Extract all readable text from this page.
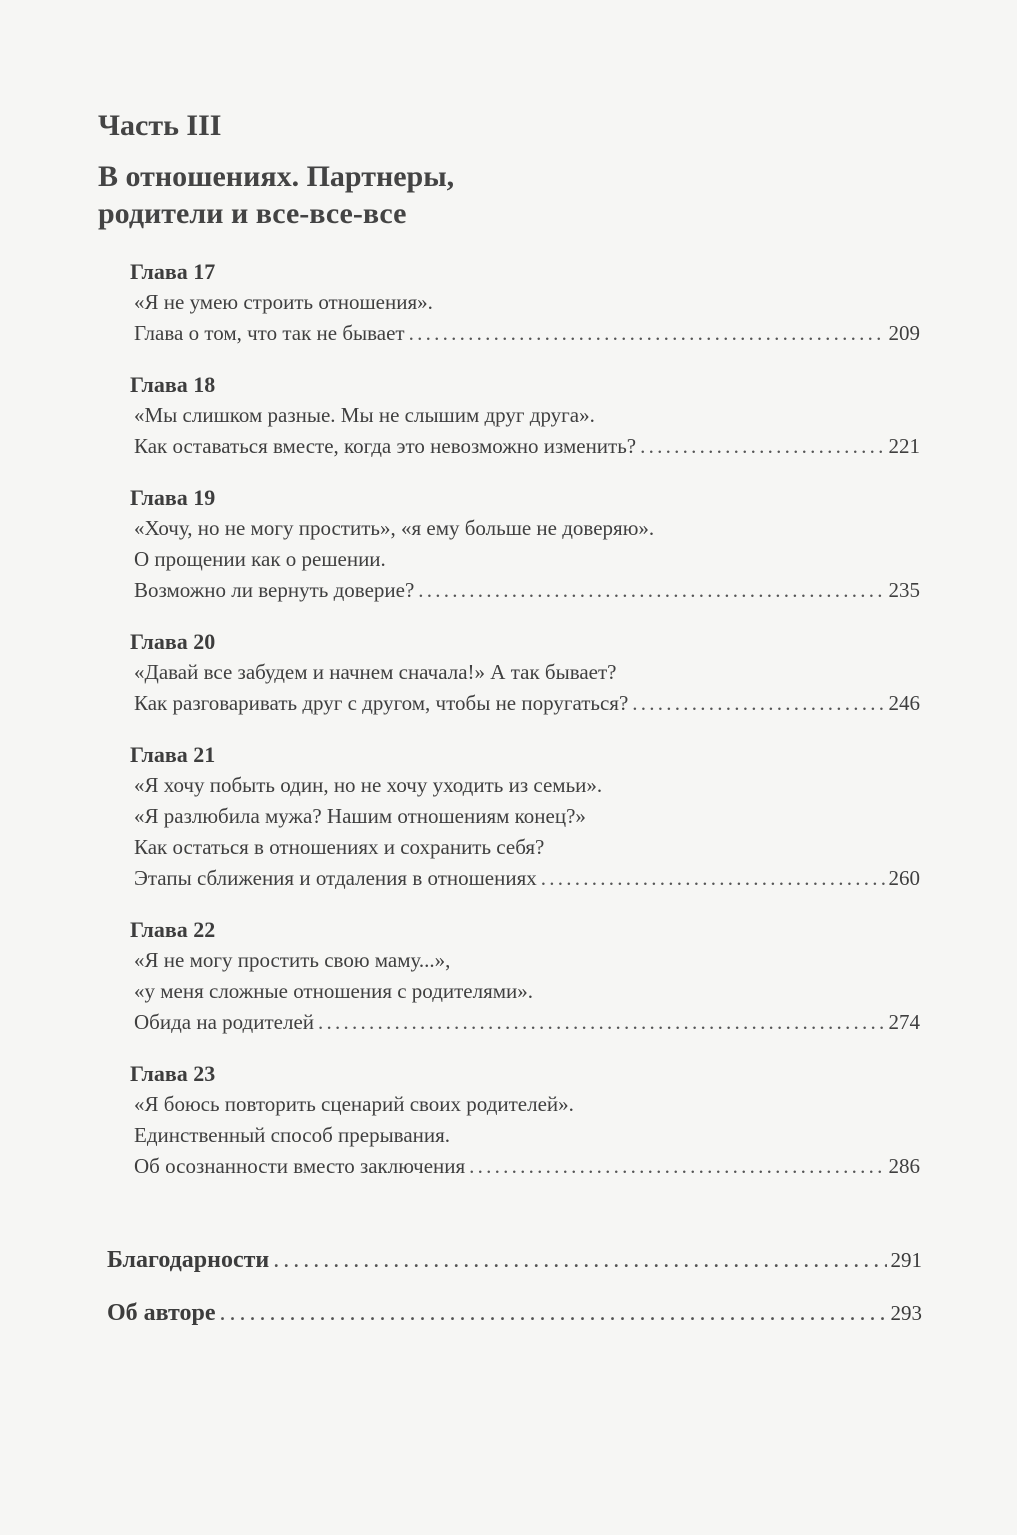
Часть III
В отношениях. Партнеры,
родители и все-все-все
Глава 17
«Я не умею строить отношения».
Глава о том, что так не бывает . . .	209
Глава 18
«Мы слишком разные. Мы не слышим друг друга».
Как оставаться вместе, когда это невозможно изменить? . . .	221
Глава 19
«Хочу, но не могу простить», «я ему больше не доверяю».
О прощении как о решении.
Возможно ли вернуть доверие? . . .	235
Глава 20
«Давай все забудем и начнем сначала!» А так бывает?
Как разговаривать друг с другом, чтобы не поругаться? . . .	246
Глава 21
«Я хочу побыть один, но не хочу уходить из семьи».
«Я разлюбила мужа? Нашим отношениям конец?»
Как остаться в отношениях и сохранить себя?
Этапы сближения и отдаления в отношениях . . .	260
Глава 22
«Я не могу простить свою маму...»,
«у меня сложные отношения с родителями».
Обида на родителей . . .	274
Глава 23
«Я боюсь повторить сценарий своих родителей».
Единственный способ прерывания.
Об осознанности вместо заключения . . .	286
Благодарности . . .	291
Об авторе . . .	293
